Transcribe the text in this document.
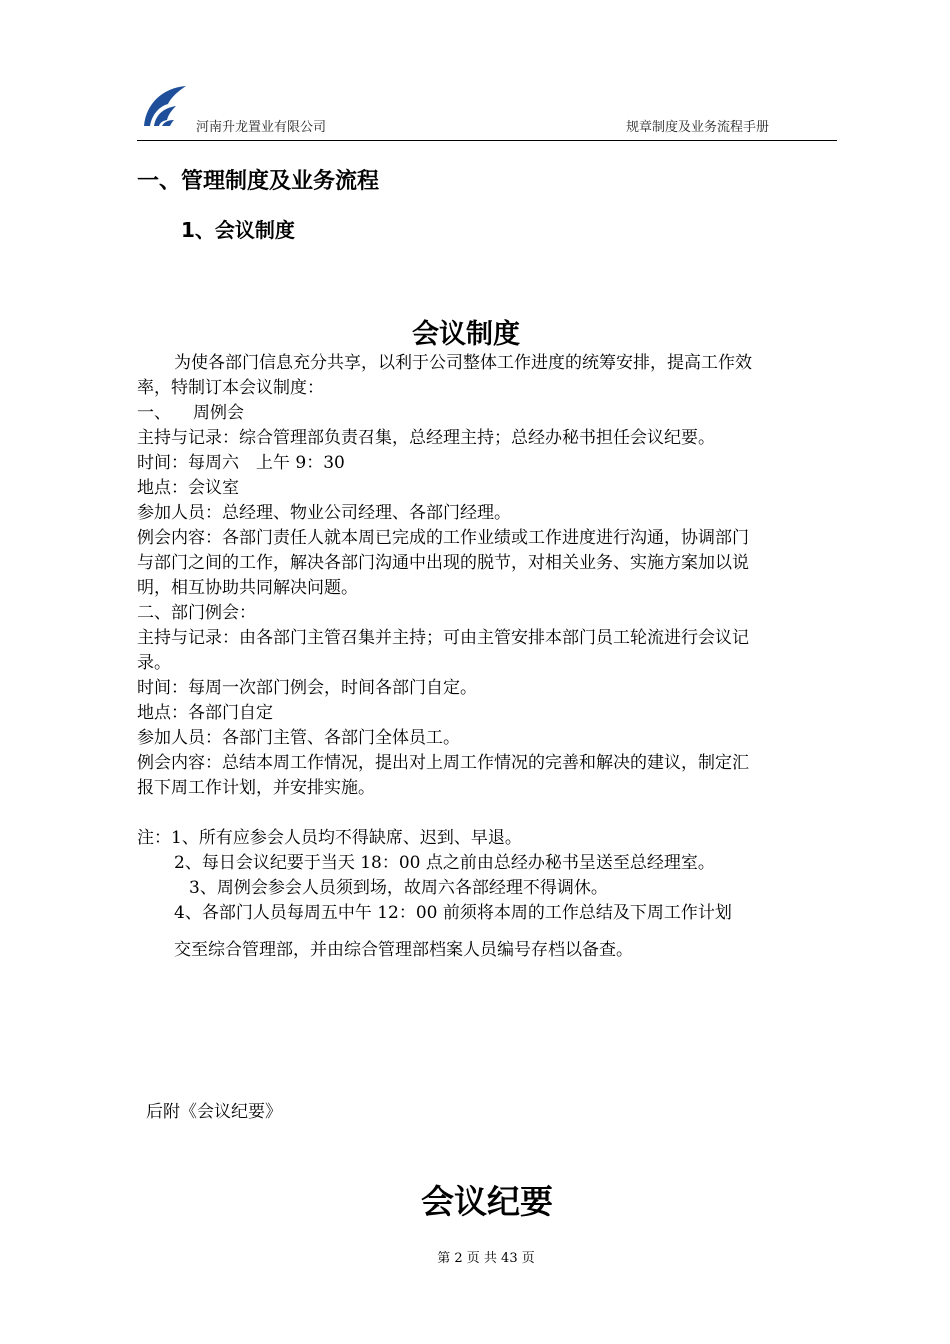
河南升龙置业有限公司	规章制度及业务流程手册
一、管理制度及业务流程
1、会议制度
会议制度
为使各部门信息充分共享，以利于公司整体工作进度的统筹安排，提高工作效
率，特制订本会议制度：
一、 周例会
主持与记录：综合管理部负责召集，总经理主持；总经办秘书担任会议纪要。
时间：每周六　上午 9：30
地点：会议室
参加人员：总经理、物业公司经理、各部门经理。
例会内容：各部门责任人就本周已完成的工作业绩或工作进度进行沟通，协调部门
与部门之间的工作，解决各部门沟通中出现的脱节，对相关业务、实施方案加以说
明，相互协助共同解决问题。
二、部门例会：
主持与记录：由各部门主管召集并主持；可由主管安排本部门员工轮流进行会议记
录。
时间：每周一次部门例会，时间各部门自定。
地点：各部门自定
参加人员：各部门主管、各部门全体员工。
例会内容：总结本周工作情况，提出对上周工作情况的完善和解决的建议，制定汇
报下周工作计划，并安排实施。
注：1、所有应参会人员均不得缺席、迟到、早退。
2、每日会议纪要于当天 18：00 点之前由总经办秘书呈送至总经理室。
3、周例会参会人员须到场，故周六各部经理不得调休。
4、各部门人员每周五中午 12：00 前须将本周的工作总结及下周工作计划
交至综合管理部，并由综合管理部档案人员编号存档以备查。
后附《会议纪要》
会议纪要
第 2 页 共 43 页
